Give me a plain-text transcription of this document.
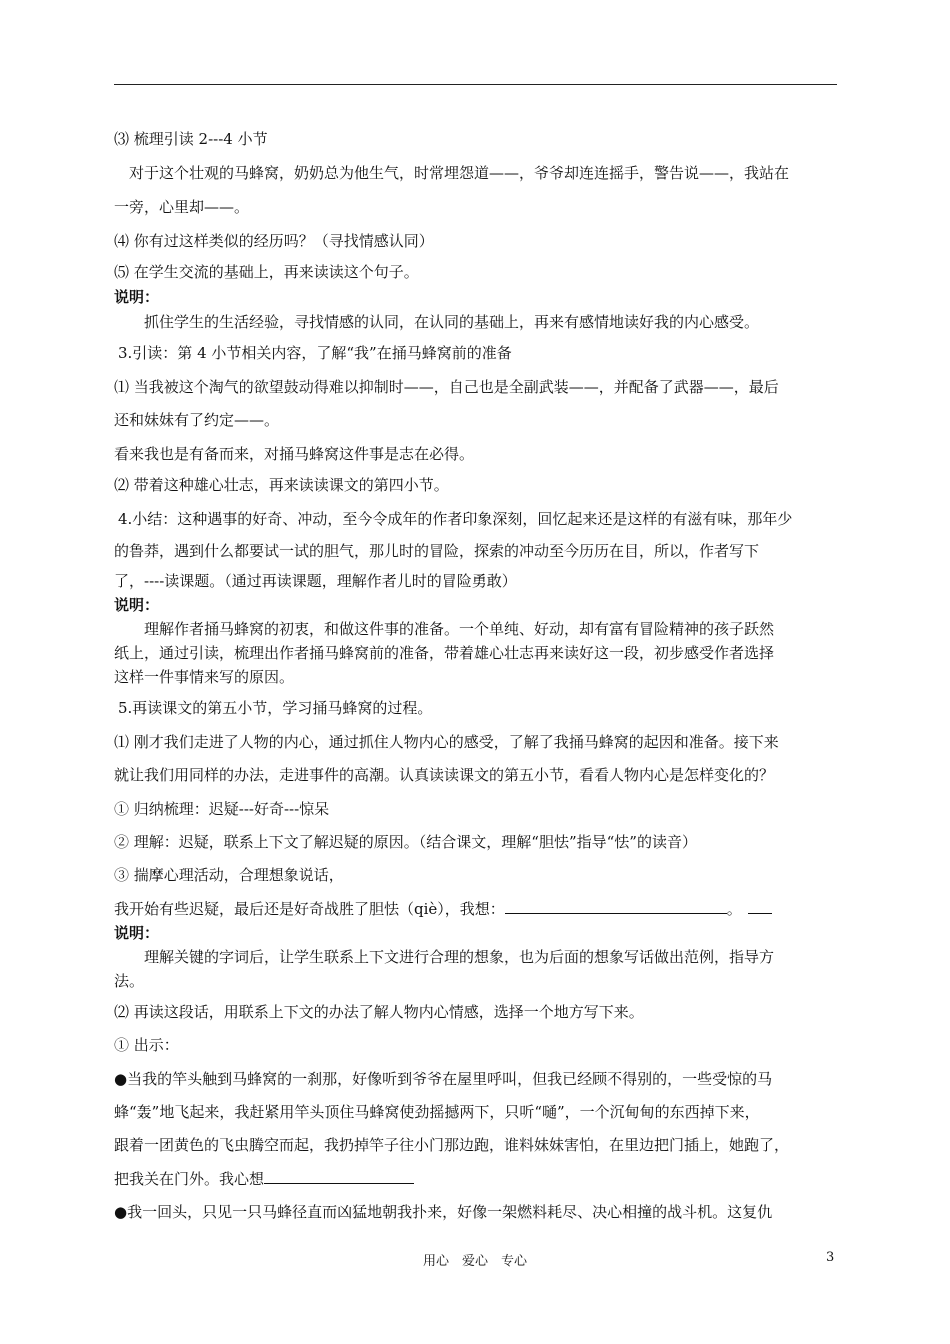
⑶ 梳理引读 2---4 小节
对于这个壮观的马蜂窝，奶奶总为他生气，时常埋怨道——，爷爷却连连摇手，警告说——，我站在
一旁，心里却——。
⑷ 你有过这样类似的经历吗？（寻找情感认同）
⑸ 在学生交流的基础上，再来读读这个句子。
说明：
抓住学生的生活经验，寻找情感的认同，在认同的基础上，再来有感情地读好我的内心感受。
3.引读：第 4 小节相关内容，了解“我”在捅马蜂窝前的准备
⑴ 当我被这个淘气的欲望鼓动得难以抑制时——，自己也是全副武装——，并配备了武器——，最后
还和妹妹有了约定——。
看来我也是有备而来，对捅马蜂窝这件事是志在必得。
⑵ 带着这种雄心壮志，再来读读课文的第四小节。
4.小结：这种遇事的好奇、冲动，至今令成年的作者印象深刻，回忆起来还是这样的有滋有味，那年少
的鲁莽，遇到什么都要试一试的胆气，那儿时的冒险，探索的冲动至今历历在目，所以，作者写下
了，----读课题。（通过再读课题，理解作者儿时的冒险勇敢）
说明：
理解作者捅马蜂窝的初衷，和做这件事的准备。一个单纯、好动，却有富有冒险精神的孩子跃然
纸上，通过引读，梳理出作者捅马蜂窝前的准备，带着雄心壮志再来读好这一段，初步感受作者选择
这样一件事情来写的原因。
5.再读课文的第五小节，学习捅马蜂窝的过程。
⑴ 刚才我们走进了人物的内心，通过抓住人物内心的感受，了解了我捅马蜂窝的起因和准备。接下来
就让我们用同样的办法，走进事件的高潮。认真读读课文的第五小节，看看人物内心是怎样变化的？
① 归纳梳理：迟疑---好奇---惊呆
② 理解：迟疑，联系上下文了解迟疑的原因。（结合课文，理解“胆怯”指导“怯”的读音）
③ 揣摩心理活动，合理想象说话，
我开始有些迟疑，最后还是好奇战胜了胆怯（qiè），我想：	。
说明：
理解关键的字词后，让学生联系上下文进行合理的想象，也为后面的想象写话做出范例，指导方
法。
⑵ 再读这段话，用联系上下文的办法了解人物内心情感，选择一个地方写下来。
① 出示：
●当我的竿头触到马蜂窝的一刹那，好像听到爷爷在屋里呼叫，但我已经顾不得别的，一些受惊的马
蜂“轰”地飞起来，我赶紧用竿头顶住马蜂窝使劲摇撼两下，只听“嗵”，一个沉甸甸的东西掉下来，
跟着一团黄色的飞虫腾空而起，我扔掉竿子往小门那边跑，谁料妹妹害怕，在里边把门插上，她跑了，
把我关在门外。我心想
●我一回头，只见一只马蜂径直而凶猛地朝我扑来，好像一架燃料耗尽、决心相撞的战斗机。这复仇
用心　爱心　专心	3
